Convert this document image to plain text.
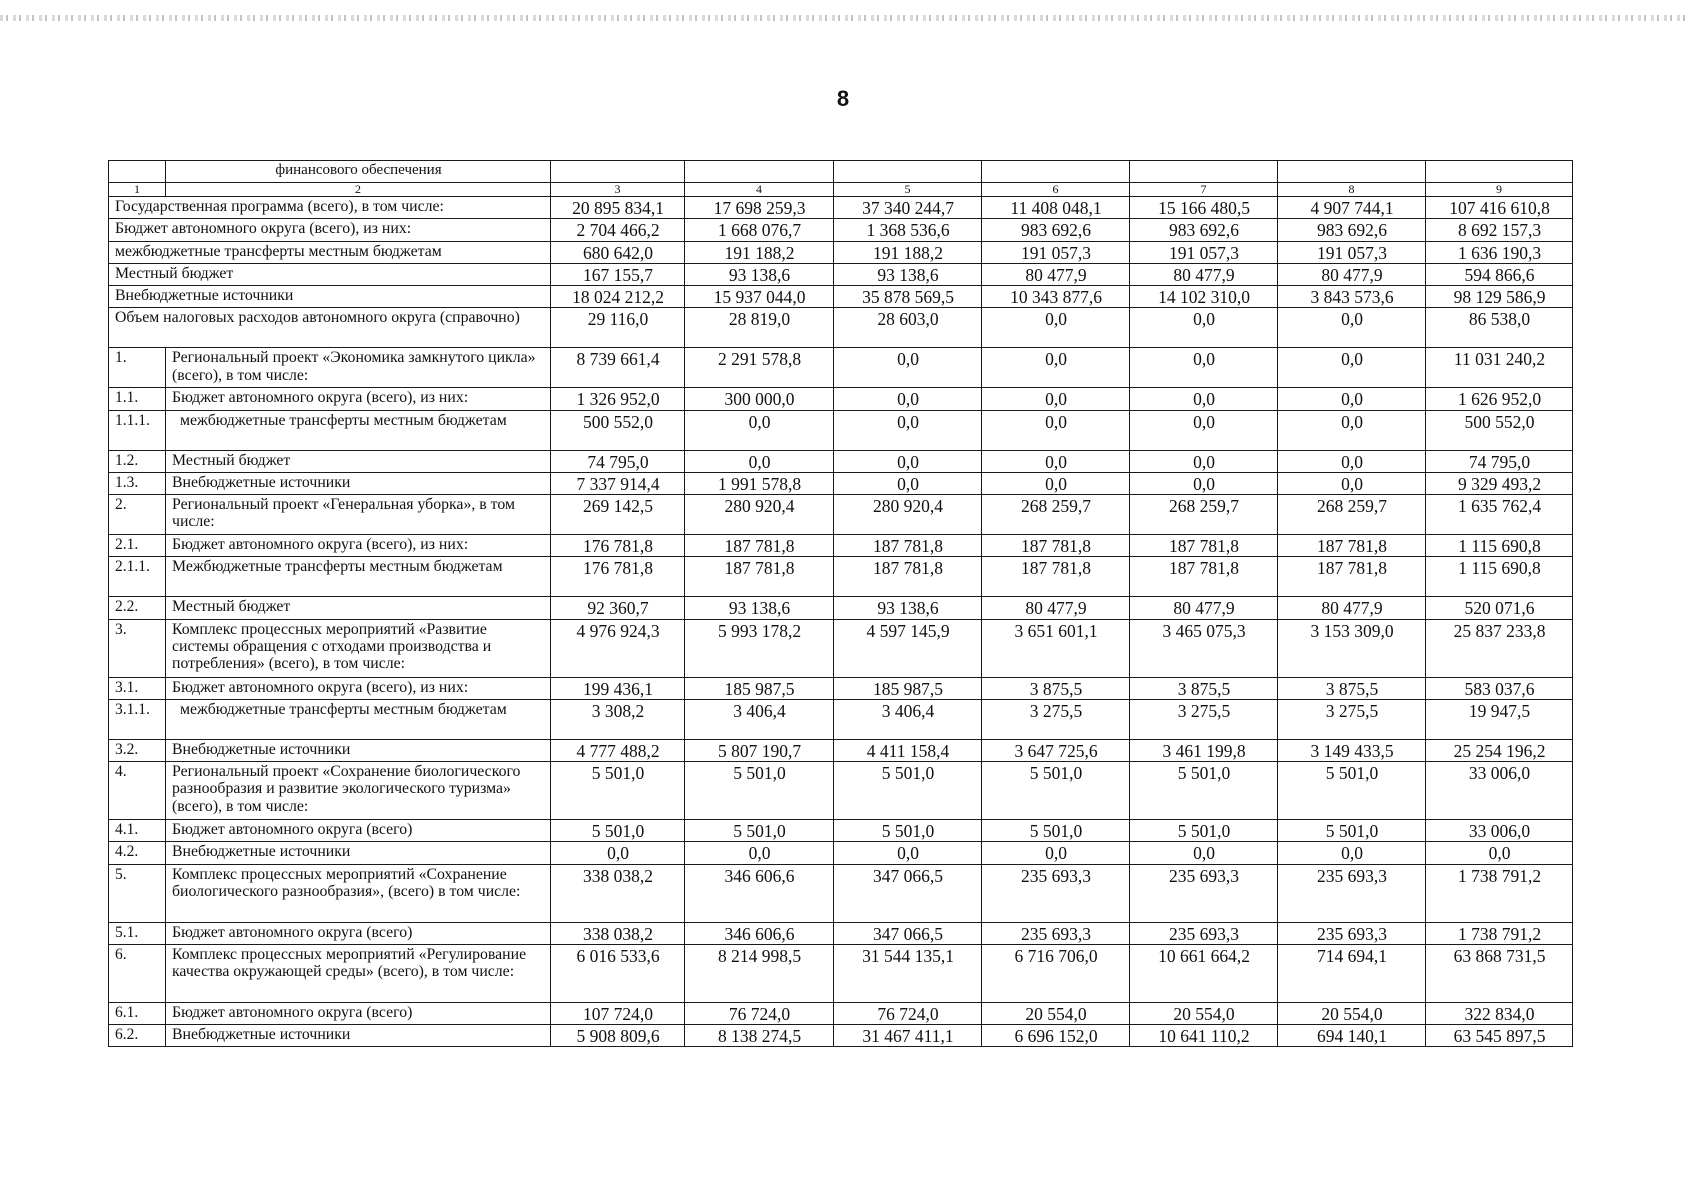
8
	финансового обеспечения							
1	2	3	4	5	6	7	8	9
Государственная программа (всего), в том числе:		20 895 834,1	17 698 259,3	37 340 244,7	11 408 048,1	15 166 480,5	4 907 744,1	107 416 610,8
Бюджет автономного округа (всего), из них:		2 704 466,2	1 668 076,7	1 368 536,6	983 692,6	983 692,6	983 692,6	8 692 157,3
межбюджетные трансферты местным бюджетам		680 642,0	191 188,2	191 188,2	191 057,3	191 057,3	191 057,3	1 636 190,3
Местный бюджет		167 155,7	93 138,6	93 138,6	80 477,9	80 477,9	80 477,9	594 866,6
Внебюджетные источники		18 024 212,2	15 937 044,0	35 878 569,5	10 343 877,6	14 102 310,0	3 843 573,6	98 129 586,9
Объем налоговых расходов автономного округа (справочно)		29 116,0	28 819,0	28 603,0	0,0	0,0	0,0	86 538,0
1.	Региональный проект «Экономика замкнутого цикла» (всего), в том числе:	8 739 661,4	2 291 578,8	0,0	0,0	0,0	0,0	11 031 240,2
1.1.	Бюджет автономного округа (всего), из них:	1 326 952,0	300 000,0	0,0	0,0	0,0	0,0	1 626 952,0
1.1.1.	межбюджетные трансферты местным бюджетам	500 552,0	0,0	0,0	0,0	0,0	0,0	500 552,0
1.2.	Местный бюджет	74 795,0	0,0	0,0	0,0	0,0	0,0	74 795,0
1.3.	Внебюджетные источники	7 337 914,4	1 991 578,8	0,0	0,0	0,0	0,0	9 329 493,2
2.	Региональный проект «Генеральная уборка», в том числе:	269 142,5	280 920,4	280 920,4	268 259,7	268 259,7	268 259,7	1 635 762,4
2.1.	Бюджет автономного округа (всего), из них:	176 781,8	187 781,8	187 781,8	187 781,8	187 781,8	187 781,8	1 115 690,8
2.1.1.	Межбюджетные трансферты местным бюджетам	176 781,8	187 781,8	187 781,8	187 781,8	187 781,8	187 781,8	1 115 690,8
2.2.	Местный бюджет	92 360,7	93 138,6	93 138,6	80 477,9	80 477,9	80 477,9	520 071,6
3.	Комплекс процессных мероприятий «Развитие системы обращения с отходами производства и потребления» (всего), в том числе:	4 976 924,3	5 993 178,2	4 597 145,9	3 651 601,1	3 465 075,3	3 153 309,0	25 837 233,8
3.1.	Бюджет автономного округа (всего), из них:	199 436,1	185 987,5	185 987,5	3 875,5	3 875,5	3 875,5	583 037,6
3.1.1.	межбюджетные трансферты местным бюджетам	3 308,2	3 406,4	3 406,4	3 275,5	3 275,5	3 275,5	19 947,5
3.2.	Внебюджетные источники	4 777 488,2	5 807 190,7	4 411 158,4	3 647 725,6	3 461 199,8	3 149 433,5	25 254 196,2
4.	Региональный проект «Сохранение биологического разнообразия и развитие экологического туризма» (всего), в том числе:	5 501,0	5 501,0	5 501,0	5 501,0	5 501,0	5 501,0	33 006,0
4.1.	Бюджет автономного округа (всего)	5 501,0	5 501,0	5 501,0	5 501,0	5 501,0	5 501,0	33 006,0
4.2.	Внебюджетные источники	0,0	0,0	0,0	0,0	0,0	0,0	0,0
5.	Комплекс процессных мероприятий «Сохранение биологического разнообразия», (всего) в том числе:	338 038,2	346 606,6	347 066,5	235 693,3	235 693,3	235 693,3	1 738 791,2
5.1.	Бюджет автономного округа (всего)	338 038,2	346 606,6	347 066,5	235 693,3	235 693,3	235 693,3	1 738 791,2
6.	Комплекс процессных мероприятий «Регулирование качества окружающей среды» (всего), в том числе:	6 016 533,6	8 214 998,5	31 544 135,1	6 716 706,0	10 661 664,2	714 694,1	63 868 731,5
6.1.	Бюджет автономного округа (всего)	107 724,0	76 724,0	76 724,0	20 554,0	20 554,0	20 554,0	322 834,0
6.2.	Внебюджетные источники	5 908 809,6	8 138 274,5	31 467 411,1	6 696 152,0	10 641 110,2	694 140,1	63 545 897,5
